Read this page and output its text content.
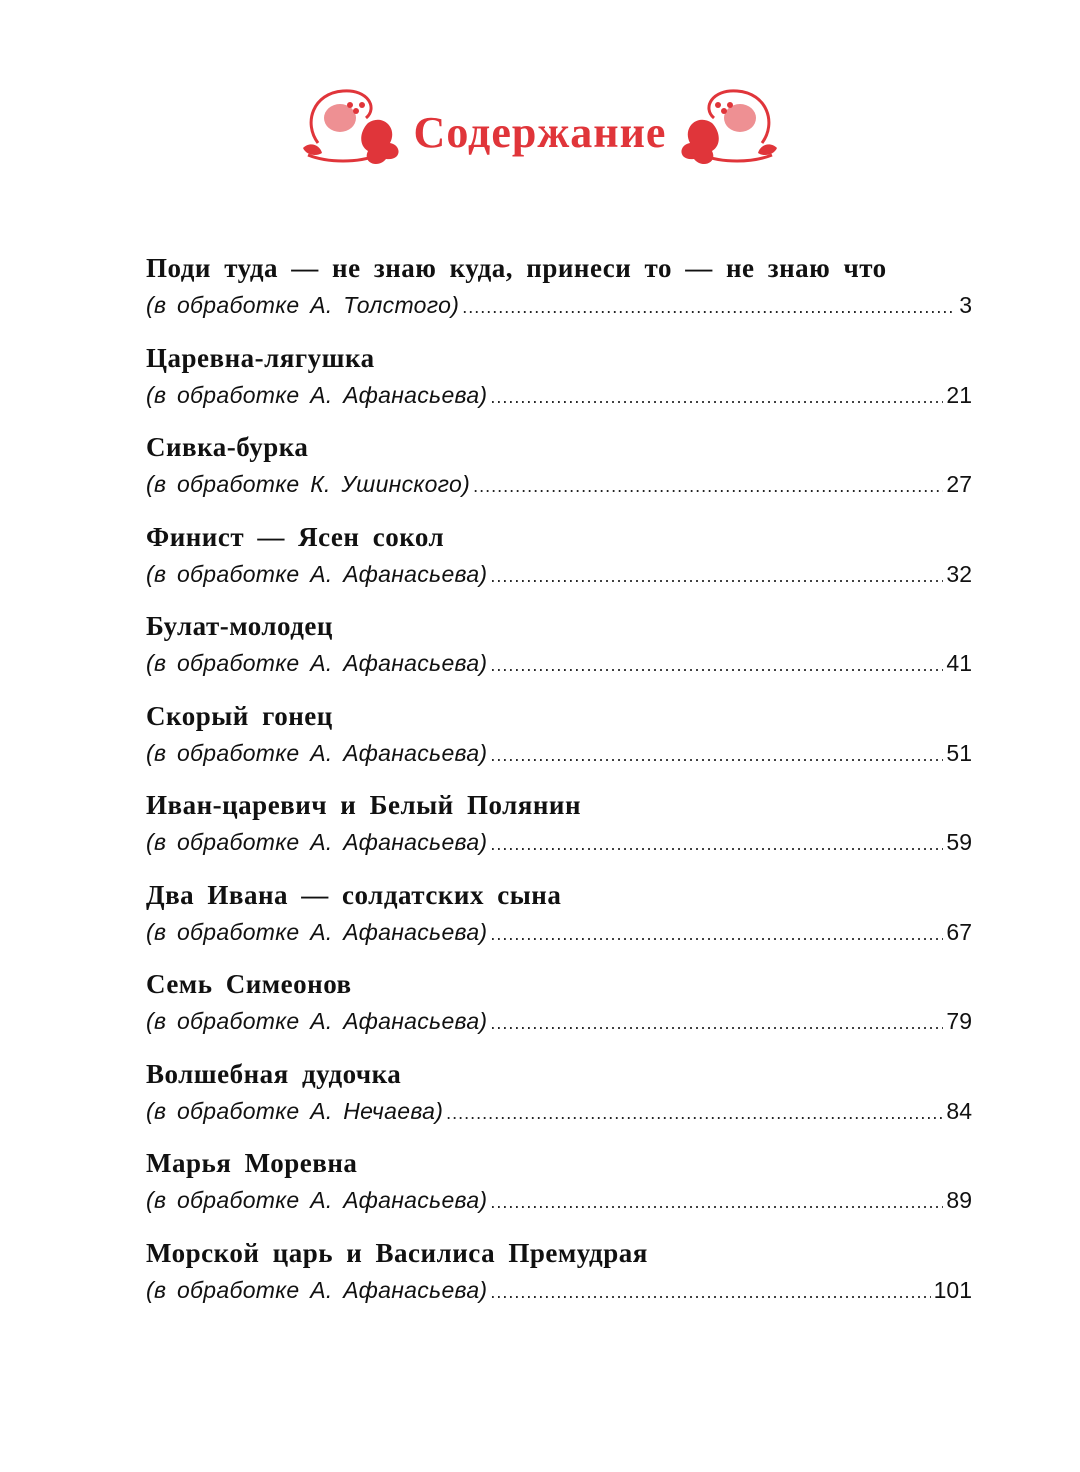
Содержание
Поди туда — не знаю куда, принеси то — не знаю что
(в обработке А. Толстого) . . .	3
Царевна-лягушка
(в обработке А. Афанасьева) . . .	21
Сивка-бурка
(в обработке К. Ушинского) . . .	27
Финист — Ясен сокол
(в обработке А. Афанасьева) . . .	32
Булат-молодец
(в обработке А. Афанасьева) . . .	41
Скорый гонец
(в обработке А. Афанасьева) . . .	51
Иван-царевич и Белый Полянин
(в обработке А. Афанасьева) . . .	59
Два Ивана — солдатских сына
(в обработке А. Афанасьева) . . .	67
Семь Симеонов
(в обработке А. Афанасьева) . . .	79
Волшебная дудочка
(в обработке А. Нечаева) . . .	84
Марья Моревна
(в обработке А. Афанасьева) . . .	89
Морской царь и Василиса Премудрая
(в обработке А. Афанасьева) . . .	101
